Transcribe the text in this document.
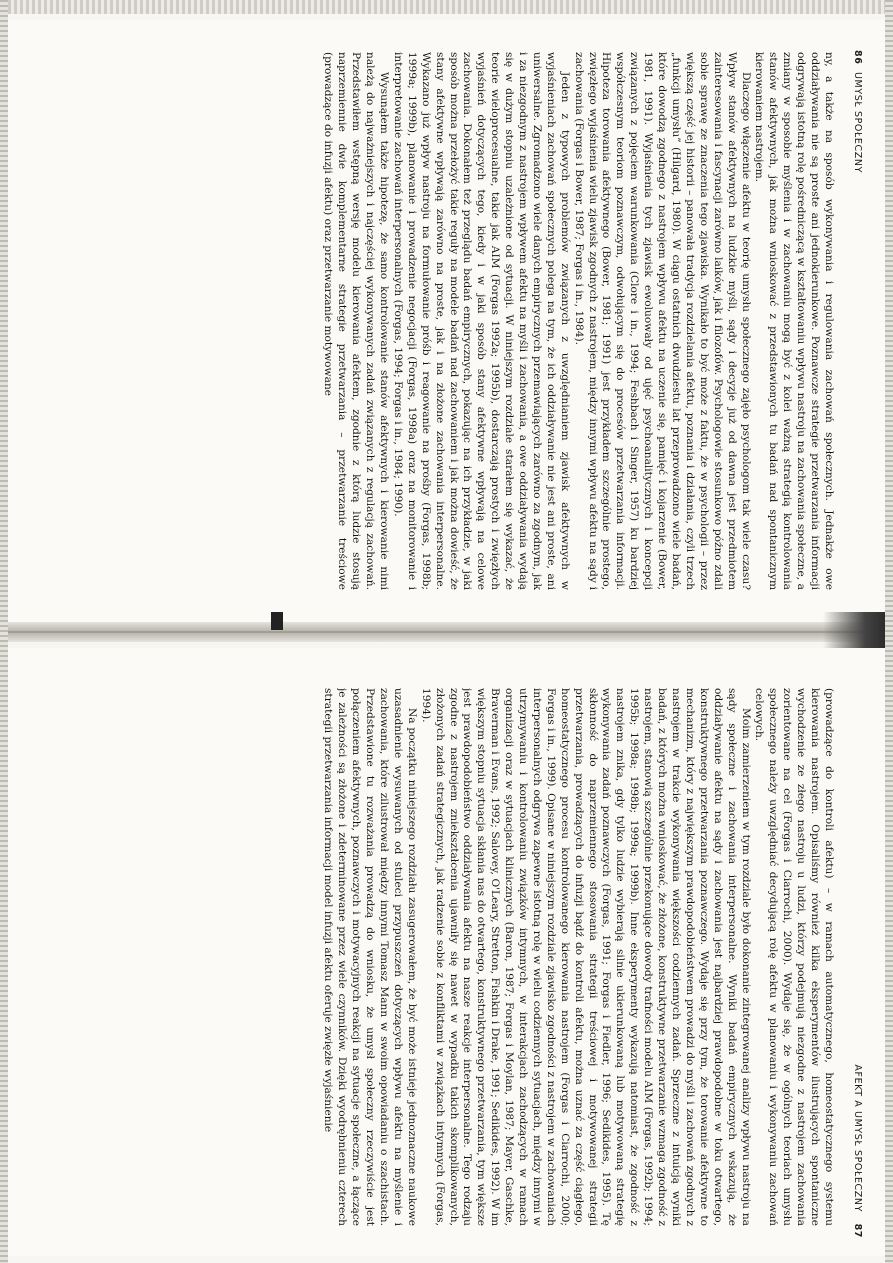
86
UMYSŁ SPOŁECZNY

ny, a także na sposób wykonywania i regulowania zachowań społecznych. Jednakże owe oddziaływania nie są proste ani jednokierunkowe. Poznawcze strategie przetwarzania informacji odgrywają istotną rolę pośredniczącą w kształtowaniu wpływu nastroju na zachowania społeczne, a zmiany w sposobie myślenia i w zachowaniu mogą być z kolei ważną strategią kontrolowania stanów afektywnych, jak można wnioskować z przedstawionych tu badań nad spontanicznym kierowaniem nastrojem.

Dlaczego włączenie afektu w teorię umysłu społecznego zajęło psychologom tak wiele czasu? Wpływ stanów afektywnych na ludzkie myśli, sądy i decyzje już od dawna jest przedmiotem zainteresowania i fascynacji zarówno laików, jak i filozofów. Psychologowie stosunkowo późno zdali sobie sprawę ze znaczenia tego zjawiska. Wynikało to być może z faktu, że w psychologii – przez większą część jej historii – panowała tradycja rozdzielania afektu, poznania i działania, czyli trzech „funkcji umysłu” (Hilgard, 1980). W ciągu ostatnich dwudziestu lat przeprowadzono wiele badań, które dowodzą zgodnego z nastrojem wpływu afektu na uczenie się, pamięć i kojarzenie (Bower, 1981, 1991). Wyjaśnienia tych zjawisk ewoluowały od ujęć psychoanalitycznych i koncepcji związanych z pojęciem warunkowania (Clore i in., 1994; Feshbach i Singer, 1957) ku bardziej współczesnym teoriom poznawczym, odwołującym się do procesów przetwarzania informacji. Hipoteza torowania afektywnego (Bower, 1981; 1991) jest przykładem szczególnie prostego, zwięzłego wyjaśnienia wielu zjawisk zgodnych z nastrojem, między innymi wpływu afektu na sądy i zachowania (Forgas i Bower, 1987; Forgas i in., 1984).

Jeden z typowych problemów związanych z uwzględnianiem zjawisk afektywnych w wyjaśnieniach zachowań społecznych polega na tym, że ich oddziaływanie nie jest ani proste, ani uniwersalne. Zgromadzono wiele danych empirycznych przemawiających zarówno za zgodnym, jak i za niezgodnym z nastrojem wpływem afektu na myśli i zachowania, a owe oddziaływania wydają się w dużym stopniu uzależnione od sytuacji. W niniejszym rozdziale starałem się wykazać, że teorie wieloprocesualne, takie jak AIM (Forgas 1992a; 1995b), dostarczają prostych i zwięzłych wyjaśnień dotyczących tego, kiedy i w jaki sposób stany afektywne wpływają na celowe zachowania. Dokonałem też przeglądu badań empirycznych, pokazując na ich przykładzie, w jaki sposób można przełożyć takie reguły na modele badań nad zachowaniem i jak można dowieść, że stany afektywne wpływają zarówno na proste, jak i na złożone zachowania interpersonalne. Wykazano już wpływ nastroju na formułowanie próśb i reagowanie na prośby (Forgas, 1998b; 1999a; 1999b), planowanie i prowadzenie negocjacji (Forgas, 1998a) oraz na monitorowanie i interpretowanie zachowań interpersonalnych (Forgas, 1994; Forgas i in., 1984; 1990).

Wysunąłem także hipotezę, że samo kontrolowanie stanów afektywnych i kierowanie nimi należą do najważniejszych i najczęściej wykonywanych zadań związanych z regulacją zachowań. Przedstawiłem wstępną wersję modelu kierowania afektem, zgodnie z którą ludzie stosują naprzemiennie dwie komplementarne strategie przetwarzania – przetwarzanie treściowe (prowadzące do infuzji afektu) oraz przetwarzanie motywowane

AFEKT A UMYSŁ SPOŁECZNY
87

(prowadzące do kontroli afektu) – w ramach automatycznego, homeostatycznego systemu kierowania nastrojem. Opisaliśmy również kilka eksperymentów ilustrujących spontaniczne wychodzenie ze złego nastroju u ludzi, którzy podejmują niezgodne z nastrojem zachowania zorientowane na cel (Forgas i Ciarrochi, 2000). Wydaje się, że w ogólnych teoriach umysłu społecznego należy uwzględniać decydującą rolę afektu w planowaniu i wykonywaniu zachowań celowych.

Moim zamierzeniem w tym rozdziale było dokonanie zintegrowanej analizy wpływu nastroju na sądy społeczne i zachowania interpersonalne. Wyniki badań empirycznych wskazują, że oddziaływanie afektu na sądy i zachowania jest najbardziej prawdopodobne w toku otwartego, konstruktywnego przetwarzania poznawczego. Wydaje się przy tym, że torowanie afektywne to mechanizm, który z największym prawdopodobieństwem prowadzi do myśli i zachowań zgodnych z nastrojem w trakcie wykonywania większości codziennych zadań. Sprzeczne z intuicją wyniki badań, z których można wnioskować, że złożone, konstruktywne przetwarzanie wzmaga zgodność z nastrojem, stanowią szczególnie przekonujące dowody trafności modelu AIM (Forgas, 1992b; 1994; 1995b; 1998a; 1998b; 1999a; 1999b). Inne eksperymenty wykazują natomiast, że zgodność z nastrojem znika, gdy tylko ludzie wybierają silnie ukierunkowaną lub motywowaną strategię wykonywania zadań poznawczych (Forgas, 1991; Forgas i Fiedler, 1996; Sedikides, 1995). Tę skłonność do naprzemiennego stosowania strategii treściowej i motywowanej strategii przetwarzania, prowadzących do infuzji bądź do kontroli afektu, można uznać za część ciągłego, homeostatycznego procesu kontrolowanego kierowania nastrojem (Forgas i Ciarrochi, 2000; Forgas i in., 1999). Opisane w niniejszym rozdziale zjawisko zgodności z nastrojem w zachowaniach interpersonalnych odgrywa zapewne istotną rolę w wielu codziennych sytuacjach, między innymi w utrzymywaniu i kontrolowaniu związków intymnych, w interakcjach zachodzących w ramach organizacji oraz w sytuacjach klinicznych (Baron, 1987; Forgas i Moylan, 1987; Mayer, Gaschke, Braverman i Evans, 1992; Salovey, O'Leary, Stretton, Fishkin i Drake, 1991; Sedikides, 1992). W im większym stopniu sytuacja skłania nas do otwartego, konstruktywnego przetwarzania, tym większe jest prawdopodobieństwo oddziaływania afektu na nasze reakcje interpersonalne. Tego rodzaju zgodne z nastrojem zniekształcenia ujawniły się nawet w wypadku takich skomplikowanych, złożonych zadań strategicznych, jak radzenie sobie z konfliktami w związkach intymnych (Forgas, 1994).

Na początku niniejszego rozdziału zasugerowałem, że być może istnieje jednoznaczne naukowe uzasadnienie wysuwanych od stuleci przypuszczeń dotyczących wpływu afektu na myślenie i zachowania, które zilustrował między innymi Tomasz Mann w swoim opowiadaniu o szachistach. Przedstawione tu rozważania prowadzą do wniosku, że umysł społeczny rzeczywiście jest połączeniem afektywnych, poznawczych i motywacyjnych reakcji na sytuacje społeczne, a łączące je zależności są złożone i zdeterminowane przez wiele czynników. Dzięki wyodrębnieniu czterech strategii przetwarzania informacji model infuzji afektu oferuje zwięzłe wyjaśnienie
